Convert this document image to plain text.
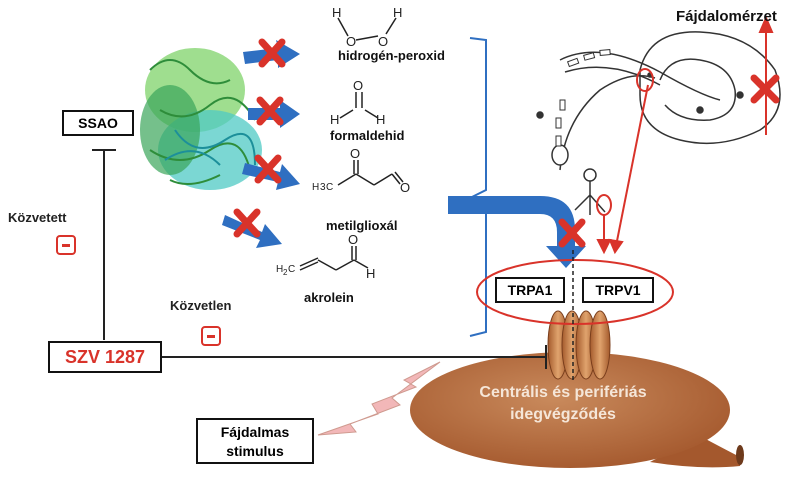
H
O O
H
O
H	H
H 3 C
O
O
H 2 C
O
H
SSAO
Közvetett
Közvetlen
SZV 1287
Fájdalmas
stimulus
hidrogén-peroxid
formaldehid
metilglioxál
akrolein	TRPA1	TRPV1
Fájdalomérzet
Centrális és perifériás
idegvégződés
